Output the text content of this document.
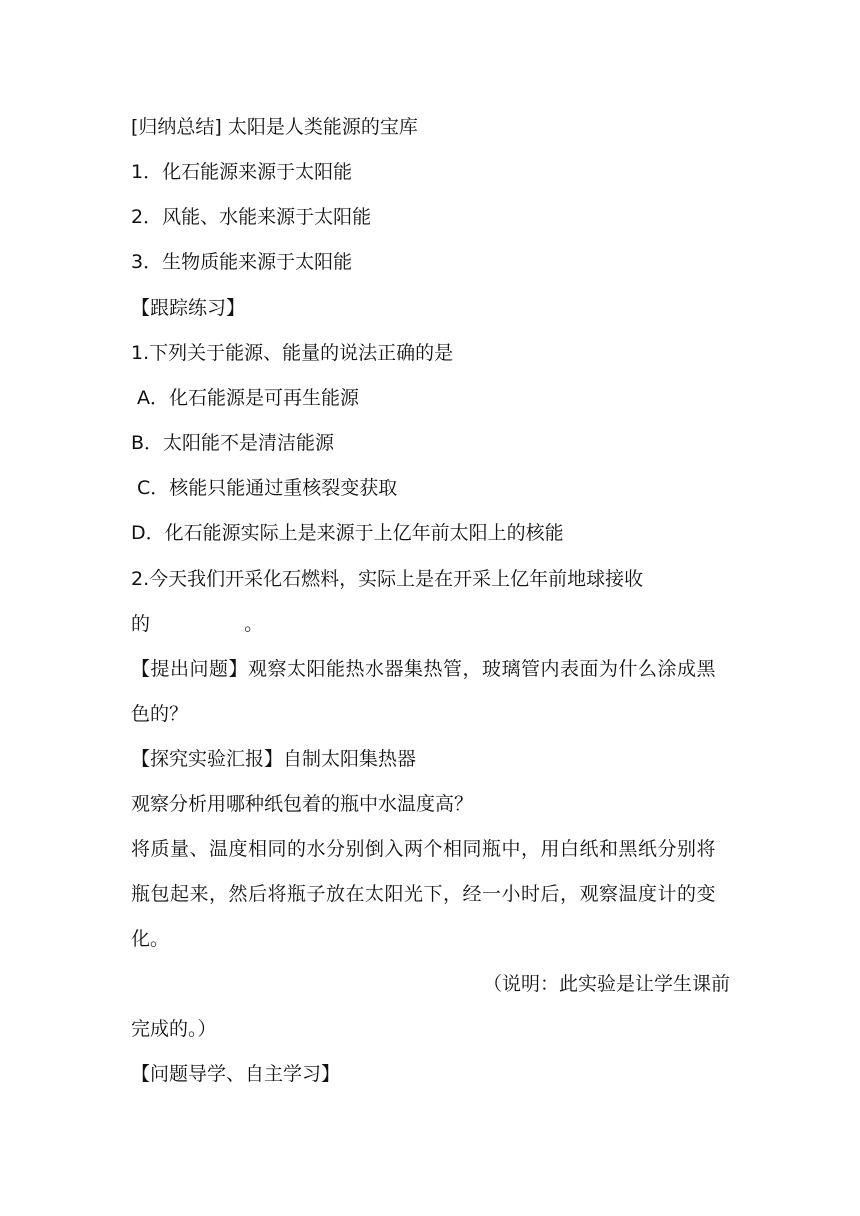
[归纳总结] 太阳是人类能源的宝库
1．化石能源来源于太阳能
2．风能、水能来源于太阳能
3．生物质能来源于太阳能
【跟踪练习】
1.下列关于能源、能量的说法正确的是
A．化石能源是可再生能源
B．太阳能不是清洁能源
C．核能只能通过重核裂变获取
D．化石能源实际上是来源于上亿年前太阳上的核能
2.今天我们开采化石燃料，实际上是在开采上亿年前地球接收
的	。
【提出问题】观察太阳能热水器集热管，玻璃管内表面为什么涂成黑
色的？
【探究实验汇报】自制太阳集热器
观察分析用哪种纸包着的瓶中水温度高？
将质量、温度相同的水分别倒入两个相同瓶中，用白纸和黑纸分别将
瓶包起来，然后将瓶子放在太阳光下，经一小时后，观察温度计的变
化。
（说明：此实验是让学生课前
完成的。）
【问题导学、自主学习】
